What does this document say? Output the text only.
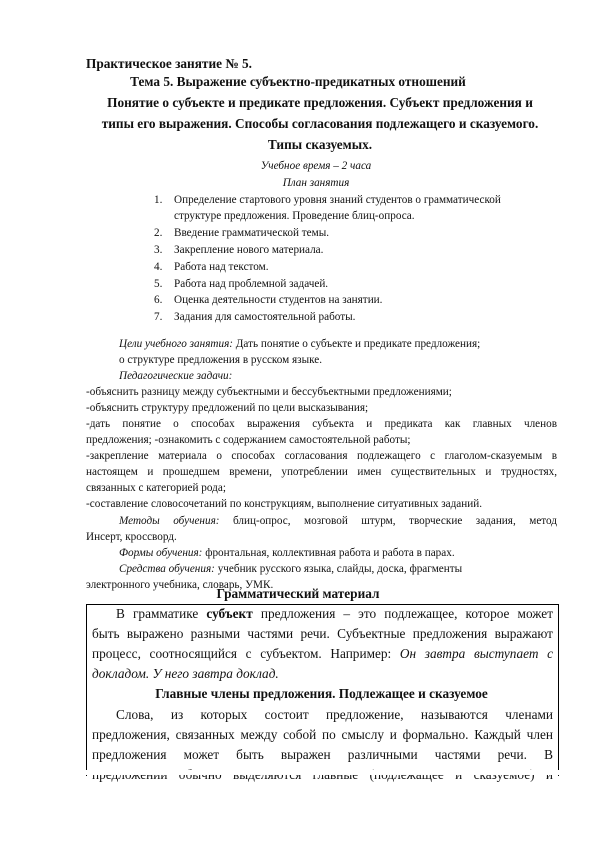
Практическое занятие № 5.
Тема 5. Выражение субъектно-предикатных отношений
Понятие о субъекте и предикате предложения. Субъект предложения и
типы его выражения. Способы согласования подлежащего и сказуемого.
Типы сказуемых.
Учебное время – 2 часа
План занятия
1. Определение стартового уровня знаний студентов о грамматической
структуре предложения. Проведение блиц-опроса.
2. Введение грамматической темы.
3. Закрепление нового материала.
4. Работа над текстом.
5. Работа над проблемной задачей.
6. Оценка деятельности студентов на занятии.
7. Задания для самостоятельной работы.
Цели учебного занятия: Дать понятие о субъекте и предикате предложения;
о структуре предложения в русском языке.
Педагогические задачи:
-объяснить разницу между субъектными и бессубъектными предложениями;
-объяснить структуру предложений по цели высказывания;
-дать понятие о способах выражения субъекта и предиката как главных членов
предложения; -ознакомить с содержанием самостоятельной работы;
-закрепление материала о способах согласования подлежащего с глаголом-сказуемым в
настоящем и прошедшем времени, употреблении имен существительных и трудностях,
связанных с категорией рода;
-составление словосочетаний по конструкциям, выполнение ситуативных заданий.
Методы обучения: блиц-опрос, мозговой штурм, творческие задания, метод
Инсерт, кроссворд.
Формы обучения: фронтальная, коллективная работа и работа в парах.
Средства обучения: учебник русского языка, слайды, доска, фрагменты
электронного учебника, словарь, УМК.
Грамматический материал
В грамматике субъект предложения – это подлежащее, которое может
быть выражено разными частями речи. Субъектные предложения выражают
процесс, соотносящийся с субъектом. Например: Он завтра выступает с
докладом. У него завтра доклад.
Главные члены предложения. Подлежащее и сказуемое
Слова, из которых состоит предложение, называются членами
предложения, связанных между собой по смыслу и формально. Каждый член
предложения может быть выражен различными частями речи. В
